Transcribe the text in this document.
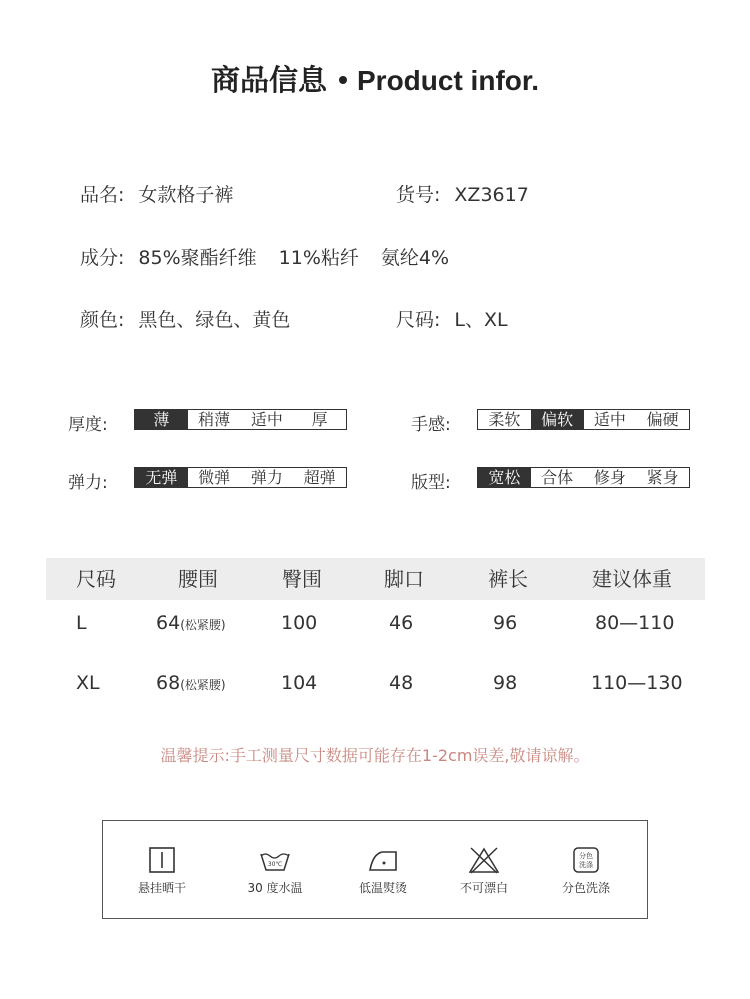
商品信息 Product infor.
品名: 女款格子裤	货号: XZ3617
成分: 85%聚酯纤维 11%粘纤 氨纶4%
颜色: 黑色、绿色、黄色	尺码: L、XL
厚度:	薄	稍薄	适中	厚	手感:	柔软	偏软	适中	偏硬
弹力:	无弹	微弹	弹力	超弹	版型:	宽松	合体	修身	紧身
尺码	腰围	臀围	脚口	裤长	建议体重
L	64(松紧腰)	100	46	96	80—110
XL	68(松紧腰)	104	48	98	110—130
温馨提示:手工测量尺寸数据可能存在1-2cm误差,敬请谅解。
悬挂晒干
30℃
30 度水温	低温熨烫	不可漂白
分色
洗涤
分色洗涤
